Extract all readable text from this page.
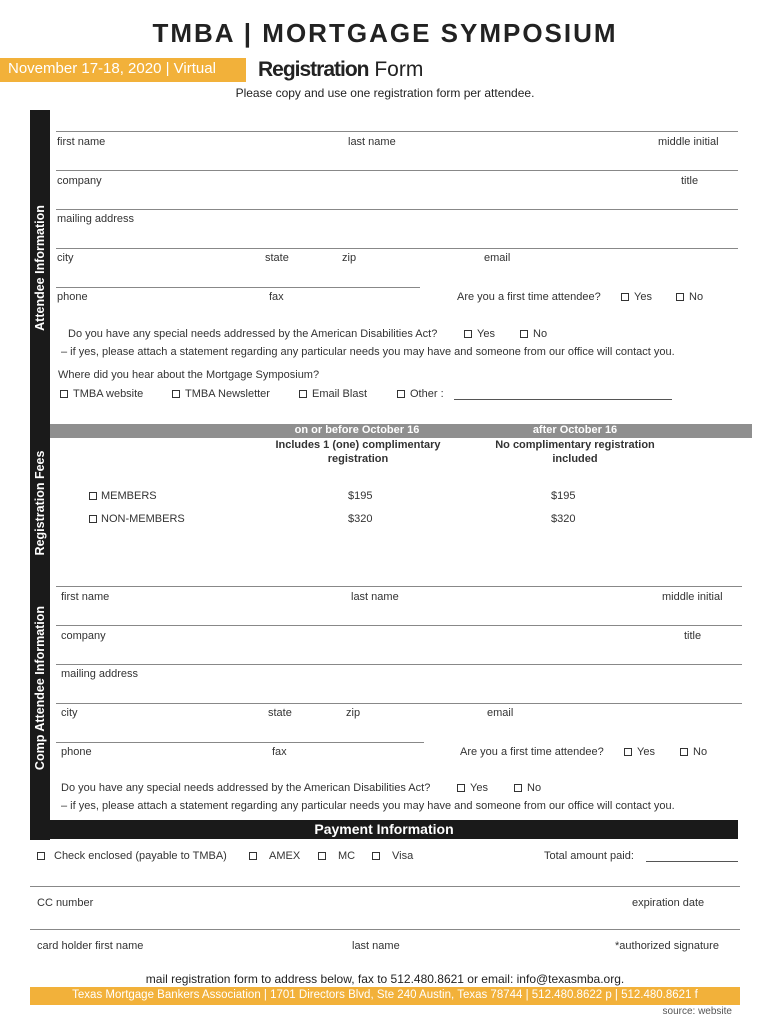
TMBA | MORTGAGE SYMPOSIUM
November 17-18, 2020 | Virtual	Registration Form
Please copy and use one registration form per attendee.
Attendee Information
Registration Fees
Comp Attendee Information
first name	last name	middle initial
company	title
mailing address
city	state	zip	email
phone	fax	Are you a first time attendee?	Yes	No
Do you have any special needs addressed by the American Disabilities Act?	Yes	No
– if yes, please attach a statement regarding any particular needs you may have and someone from our office will contact you.
Where did you hear about the Mortgage Symposium?
TMBA website	TMBA Newsletter	Email Blast	Other :
on or before October 16	after October 16
Includes 1 (one) complimentary registration
No complimentary registration included
MEMBERS	$195	$195
NON-MEMBERS	$320	$320
first name	last name	middle initial
company	title
mailing address
city	state	zip	email
phone	fax	Are you a first time attendee?	Yes	No
Do you have any special needs addressed by the American Disabilities Act?	Yes	No
– if yes, please attach a statement regarding any particular needs you may have and someone from our office will contact you.
Payment Information
Check enclosed (payable to TMBA)	AMEX	MC	Visa	Total amount paid:
CC number	expiration date
card holder first name	last name	*authorized signature
mail registration form to address below, fax to 512.480.8621 or email: info@texasmba.org.
Texas Mortgage Bankers Association | 1701 Directors Blvd, Ste 240 Austin, Texas 78744 | 512.480.8622 p | 512.480.8621 f
source: website
